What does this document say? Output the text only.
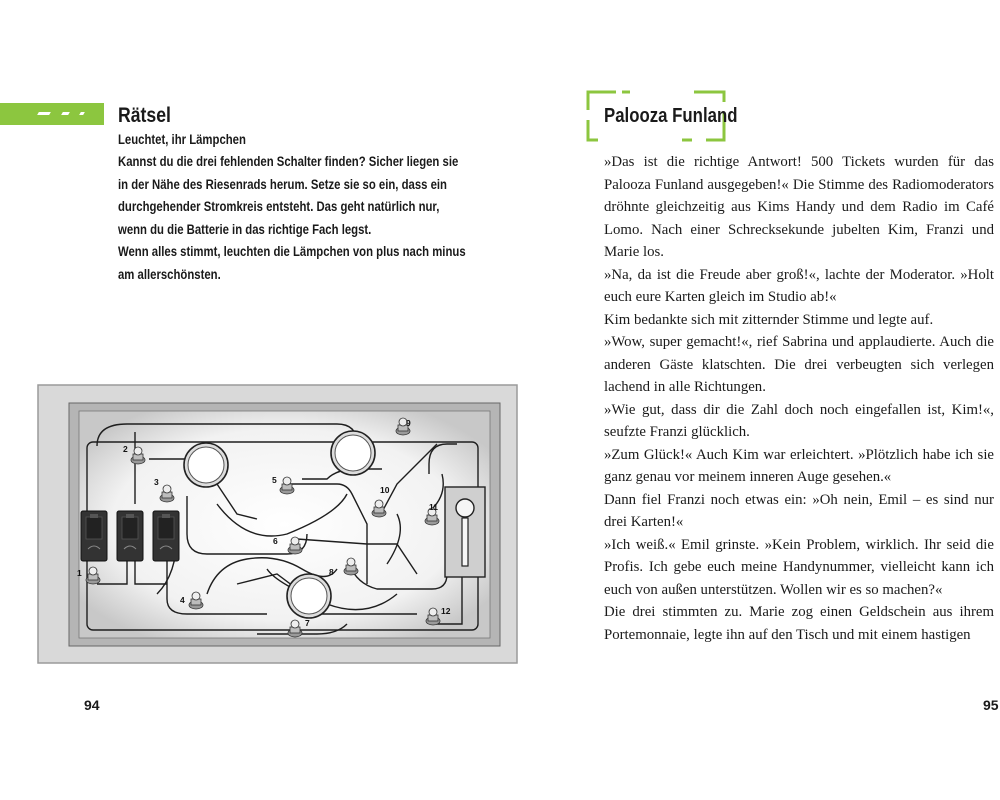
Rätsel
Leuchtet, ihr Lämpchen
Kannst du die drei fehlenden Schalter finden? Sicher liegen sie in der Nähe des Riesenrads herum. Setze sie so ein, dass ein durchgehender Stromkreis entsteht. Das geht natürlich nur, wenn du die Batterie in das richtige Fach legst.
Wenn alles stimmt, leuchten die Lämpchen von plus nach minus am allerschönsten.
1
2
3
4
5
6
7
8
9
10
11
12
94
Palooza Funland

»Das ist die richtige Antwort! 500 Tickets wurden für das Palooza Funland ausgegeben!« Die Stimme des Radiomoderators dröhnte gleichzeitig aus Kims Handy und dem Radio im Café Lomo. Nach einer Schrecksekunde jubelten Kim, Franzi und Marie los.

»Na, da ist die Freude aber groß!«, lachte der Moderator. »Holt euch eure Karten gleich im Studio ab!«

Kim bedankte sich mit zitternder Stimme und legte auf.

»Wow, super gemacht!«, rief Sabrina und applaudierte. Auch die anderen Gäste klatschten. Die drei verbeugten sich verlegen lachend in alle Richtungen.

»Wie gut, dass dir die Zahl doch noch eingefallen ist, Kim!«, seufzte Franzi glücklich.

»Zum Glück!« Auch Kim war erleichtert. »Plötzlich habe ich sie ganz genau vor meinem inneren Auge gesehen.«

Dann fiel Franzi noch etwas ein: »Oh nein, Emil – es sind nur drei Karten!«

»Ich weiß.« Emil grinste. »Kein Problem, wirklich. Ihr seid die Profis. Ich gebe euch meine Handynummer, vielleicht kann ich euch von außen unterstützen. Wollen wir es so machen?«

Die drei stimmten zu. Marie zog einen Geldschein aus ihrem Portemonnaie, legte ihn auf den Tisch und mit einem hastigen

95
